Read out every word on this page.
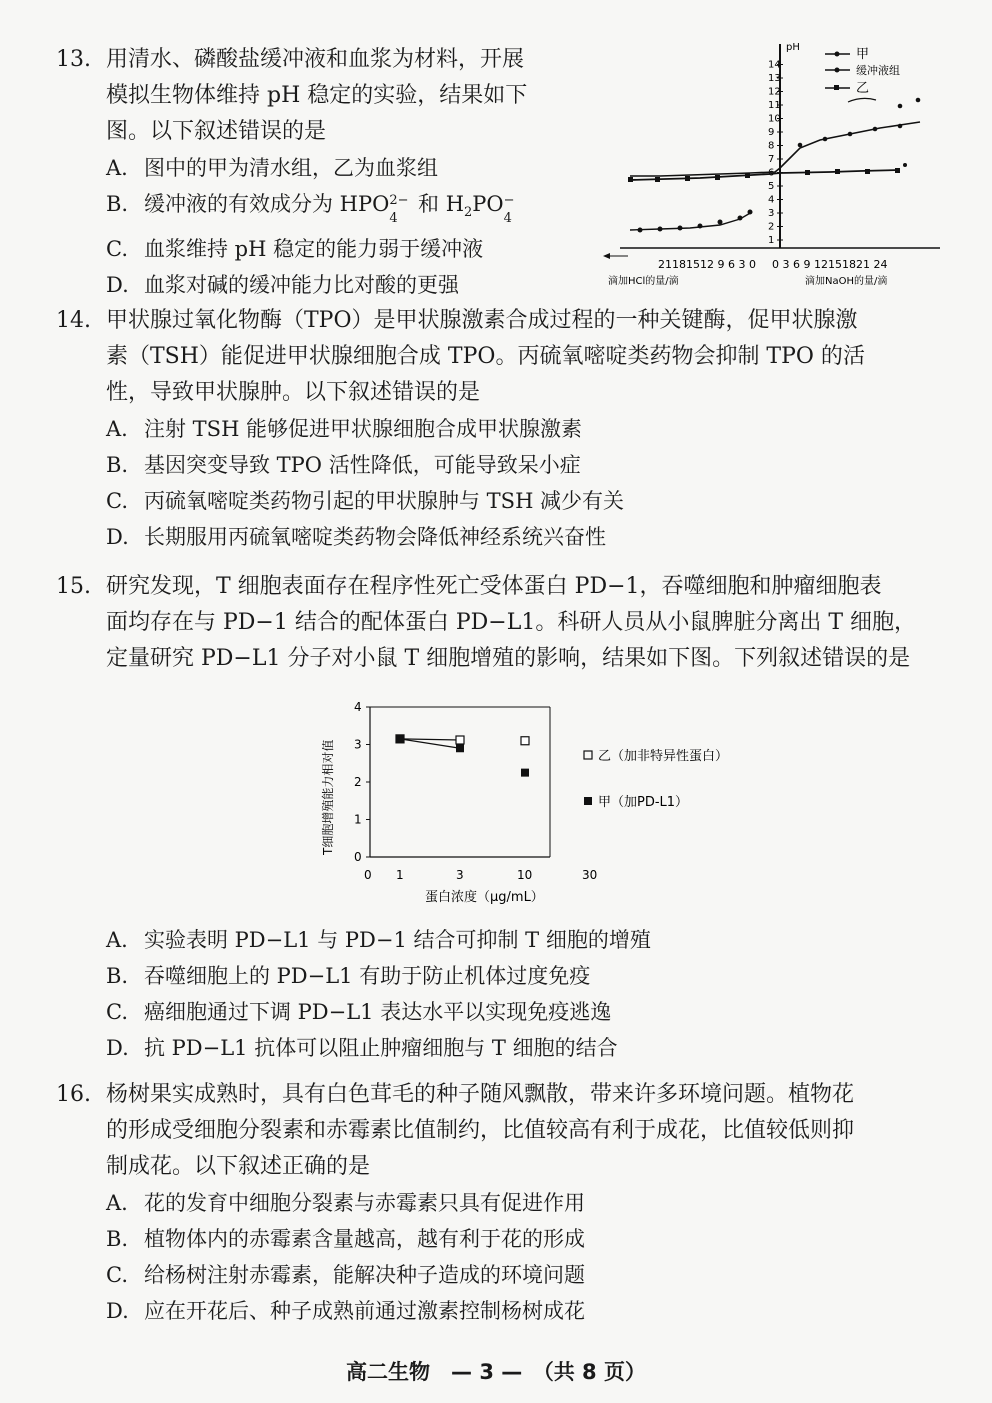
13. 用清水、磷酸盐缓冲液和血浆为材料，开展
模拟生物体维持 pH 稳定的实验，结果如下
图。以下叙述错误的是
A. 图中的甲为清水组，乙为血浆组
B. 缓冲液的有效成分为 HPO 2−
4
和 $H_2PO$ −
4
C. 血浆维持 pH 稳定的能力弱于缓冲液
D. 血浆对碱的缓冲能力比对酸的更强
pH
1
2
3
4
5
6
7
8
9
10
11
12
13
14
甲
缓冲液组
乙
21181512 9 6 3 0 0 3 6 9 12151821 24
滴加HCl的量/滴	滴加NaOH的量/滴
14. 甲状腺过氧化物酶（TPO）是甲状腺激素合成过程的一种关键酶，促甲状腺激
素（TSH）能促进甲状腺细胞合成 TPO。丙硫氧嘧啶类药物会抑制 TPO 的活
性，导致甲状腺肿。以下叙述错误的是
A. 注射 TSH 能够促进甲状腺细胞合成甲状腺激素
B. 基因突变导致 TPO 活性降低，可能导致呆小症
C. 丙硫氧嘧啶类药物引起的甲状腺肿与 TSH 减少有关
D. 长期服用丙硫氧嘧啶类药物会降低神经系统兴奋性
15. 研究发现，T 细胞表面存在程序性死亡受体蛋白 PD−1，吞噬细胞和肿瘤细胞表
面均存在与 PD−1 结合的配体蛋白 PD−L1。科研人员从小鼠脾脏分离出 T 细胞，
定量研究 PD−L1 分子对小鼠 T 细胞增殖的影响，结果如下图。下列叙述错误的是
T细胞增殖能力相对值
0
1
2
3
4
0 1	3	10	30
蛋白浓度（μg/mL）
乙（加非特异性蛋白）
甲（加PD-L1）
A. 实验表明 PD−L1 与 PD−1 结合可抑制 T 细胞的增殖
B. 吞噬细胞上的 PD−L1 有助于防止机体过度免疫
C. 癌细胞通过下调 PD−L1 表达水平以实现免疫逃逸
D. 抗 PD−L1 抗体可以阻止肿瘤细胞与 T 细胞的结合
16. 杨树果实成熟时，具有白色茸毛的种子随风飘散，带来许多环境问题。植物花
的形成受细胞分裂素和赤霉素比值制约，比值较高有利于成花，比值较低则抑
制成花。以下叙述正确的是
A. 花的发育中细胞分裂素与赤霉素只具有促进作用
B. 植物体内的赤霉素含量越高，越有利于花的形成
C. 给杨树注射赤霉素，能解决种子造成的环境问题
D. 应在开花后、种子成熟前通过激素控制杨树成花
高二生物　— 3 —　（共 8 页）
